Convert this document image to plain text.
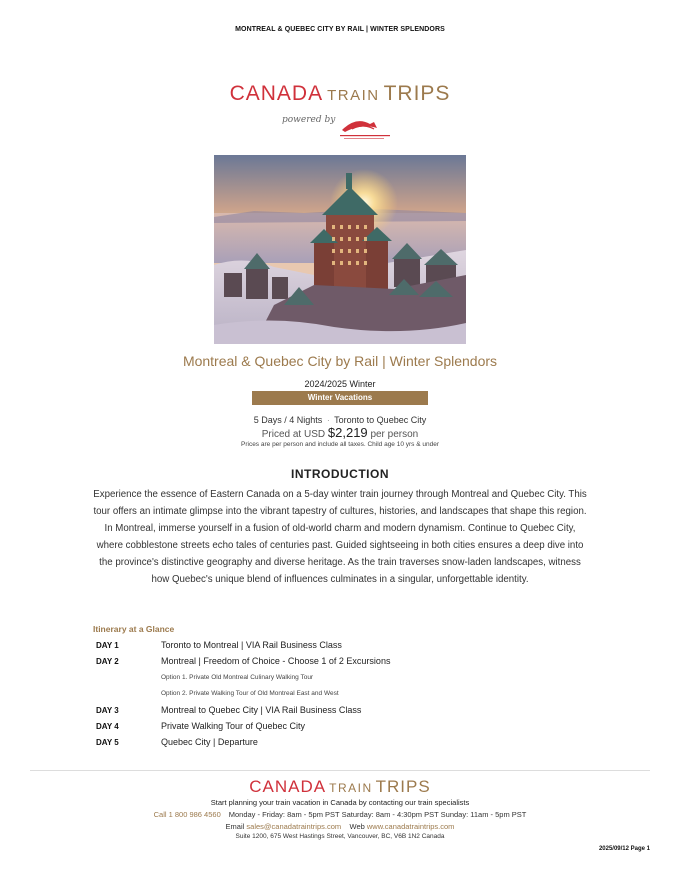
MONTREAL & QUEBEC CITY BY RAIL | WINTER SPLENDORS
CANADA TRAIN TRIPS
powered by
Montreal & Quebec City by Rail | Winter Splendors
2024/2025 Winter
Winter Vacations
5 Days / 4 Nights · Toronto to Quebec City
Priced at USD $2,219 per person
Prices are per person and include all taxes. Child age 10 yrs & under
INTRODUCTION
Experience the essence of Eastern Canada on a 5-day winter train journey through Montreal and Quebec City. This tour offers an intimate glimpse into the vibrant tapestry of cultures, histories, and landscapes that shape this region. In Montreal, immerse yourself in a fusion of old-world charm and modern dynamism. Continue to Quebec City, where cobblestone streets echo tales of centuries past. Guided sightseeing in both cities ensures a deep dive into the province's distinctive geography and diverse heritage. As the train traverses snow-laden landscapes, witness how Quebec's unique blend of influences culminates in a singular, unforgettable identity.
Itinerary at a Glance
DAY 1	Toronto to Montreal | VIA Rail Business Class
DAY 2	Montreal | Freedom of Choice - Choose 1 of 2 Excursions
Option 1. Private Old Montreal Culinary Walking Tour
Option 2. Private Walking Tour of Old Montreal East and West
DAY 3	Montreal to Quebec City | VIA Rail Business Class
DAY 4	Private Walking Tour of Quebec City
DAY 5	Quebec City | Departure
CANADA TRAIN TRIPS
Start planning your train vacation in Canada by contacting our train specialists
Call 1 800 986 4560 Monday - Friday: 8am - 5pm PST Saturday: 8am - 4:30pm PST Sunday: 11am - 5pm PST
Email sales@canadatraintrips.com Web www.canadatraintrips.com
Suite 1200, 675 West Hastings Street, Vancouver, BC, V6B 1N2 Canada
2025/09/12 Page 1
